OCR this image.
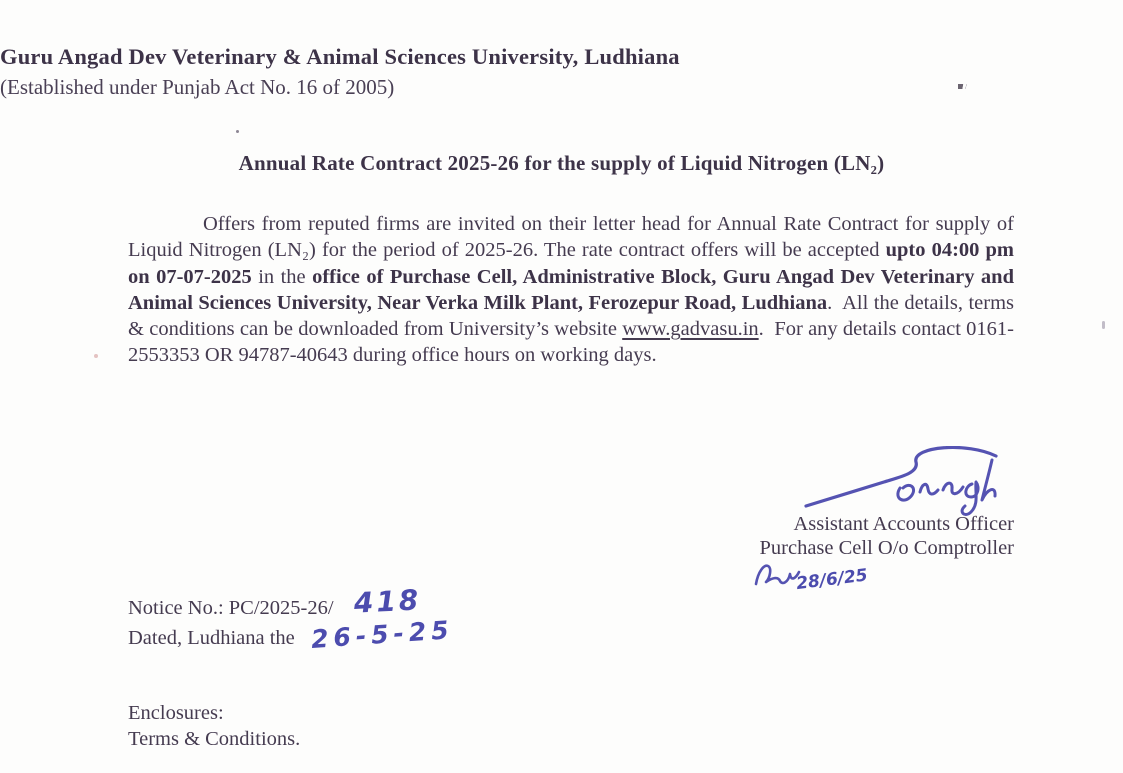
Guru Angad Dev Veterinary & Animal Sciences University, Ludhiana
(Established under Punjab Act No. 16 of 2005)
Annual Rate Contract 2025-26 for the supply of Liquid Nitrogen (LN₂)
Offers from reputed firms are invited on their letter head for Annual Rate Contract for supply of Liquid Nitrogen (LN₂) for the period of 2025-26. The rate contract offers will be accepted upto 04:00 pm on 07-07-2025 in the office of Purchase Cell, Administrative Block, Guru Angad Dev Veterinary and Animal Sciences University, Near Verka Milk Plant, Ferozepur Road, Ludhiana.  All the details, terms & conditions can be downloaded from University’s website www.gadvasu.in.  For any details contact 0161-2553353 OR 94787-40643 during office hours on working days.
Assistant Accounts Officer
Purchase Cell O/o Comptroller
28/6/25
Notice No.: PC/2025-26/ 418
Dated, Ludhiana the 26-5-25
Enclosures:
Terms & Conditions.
